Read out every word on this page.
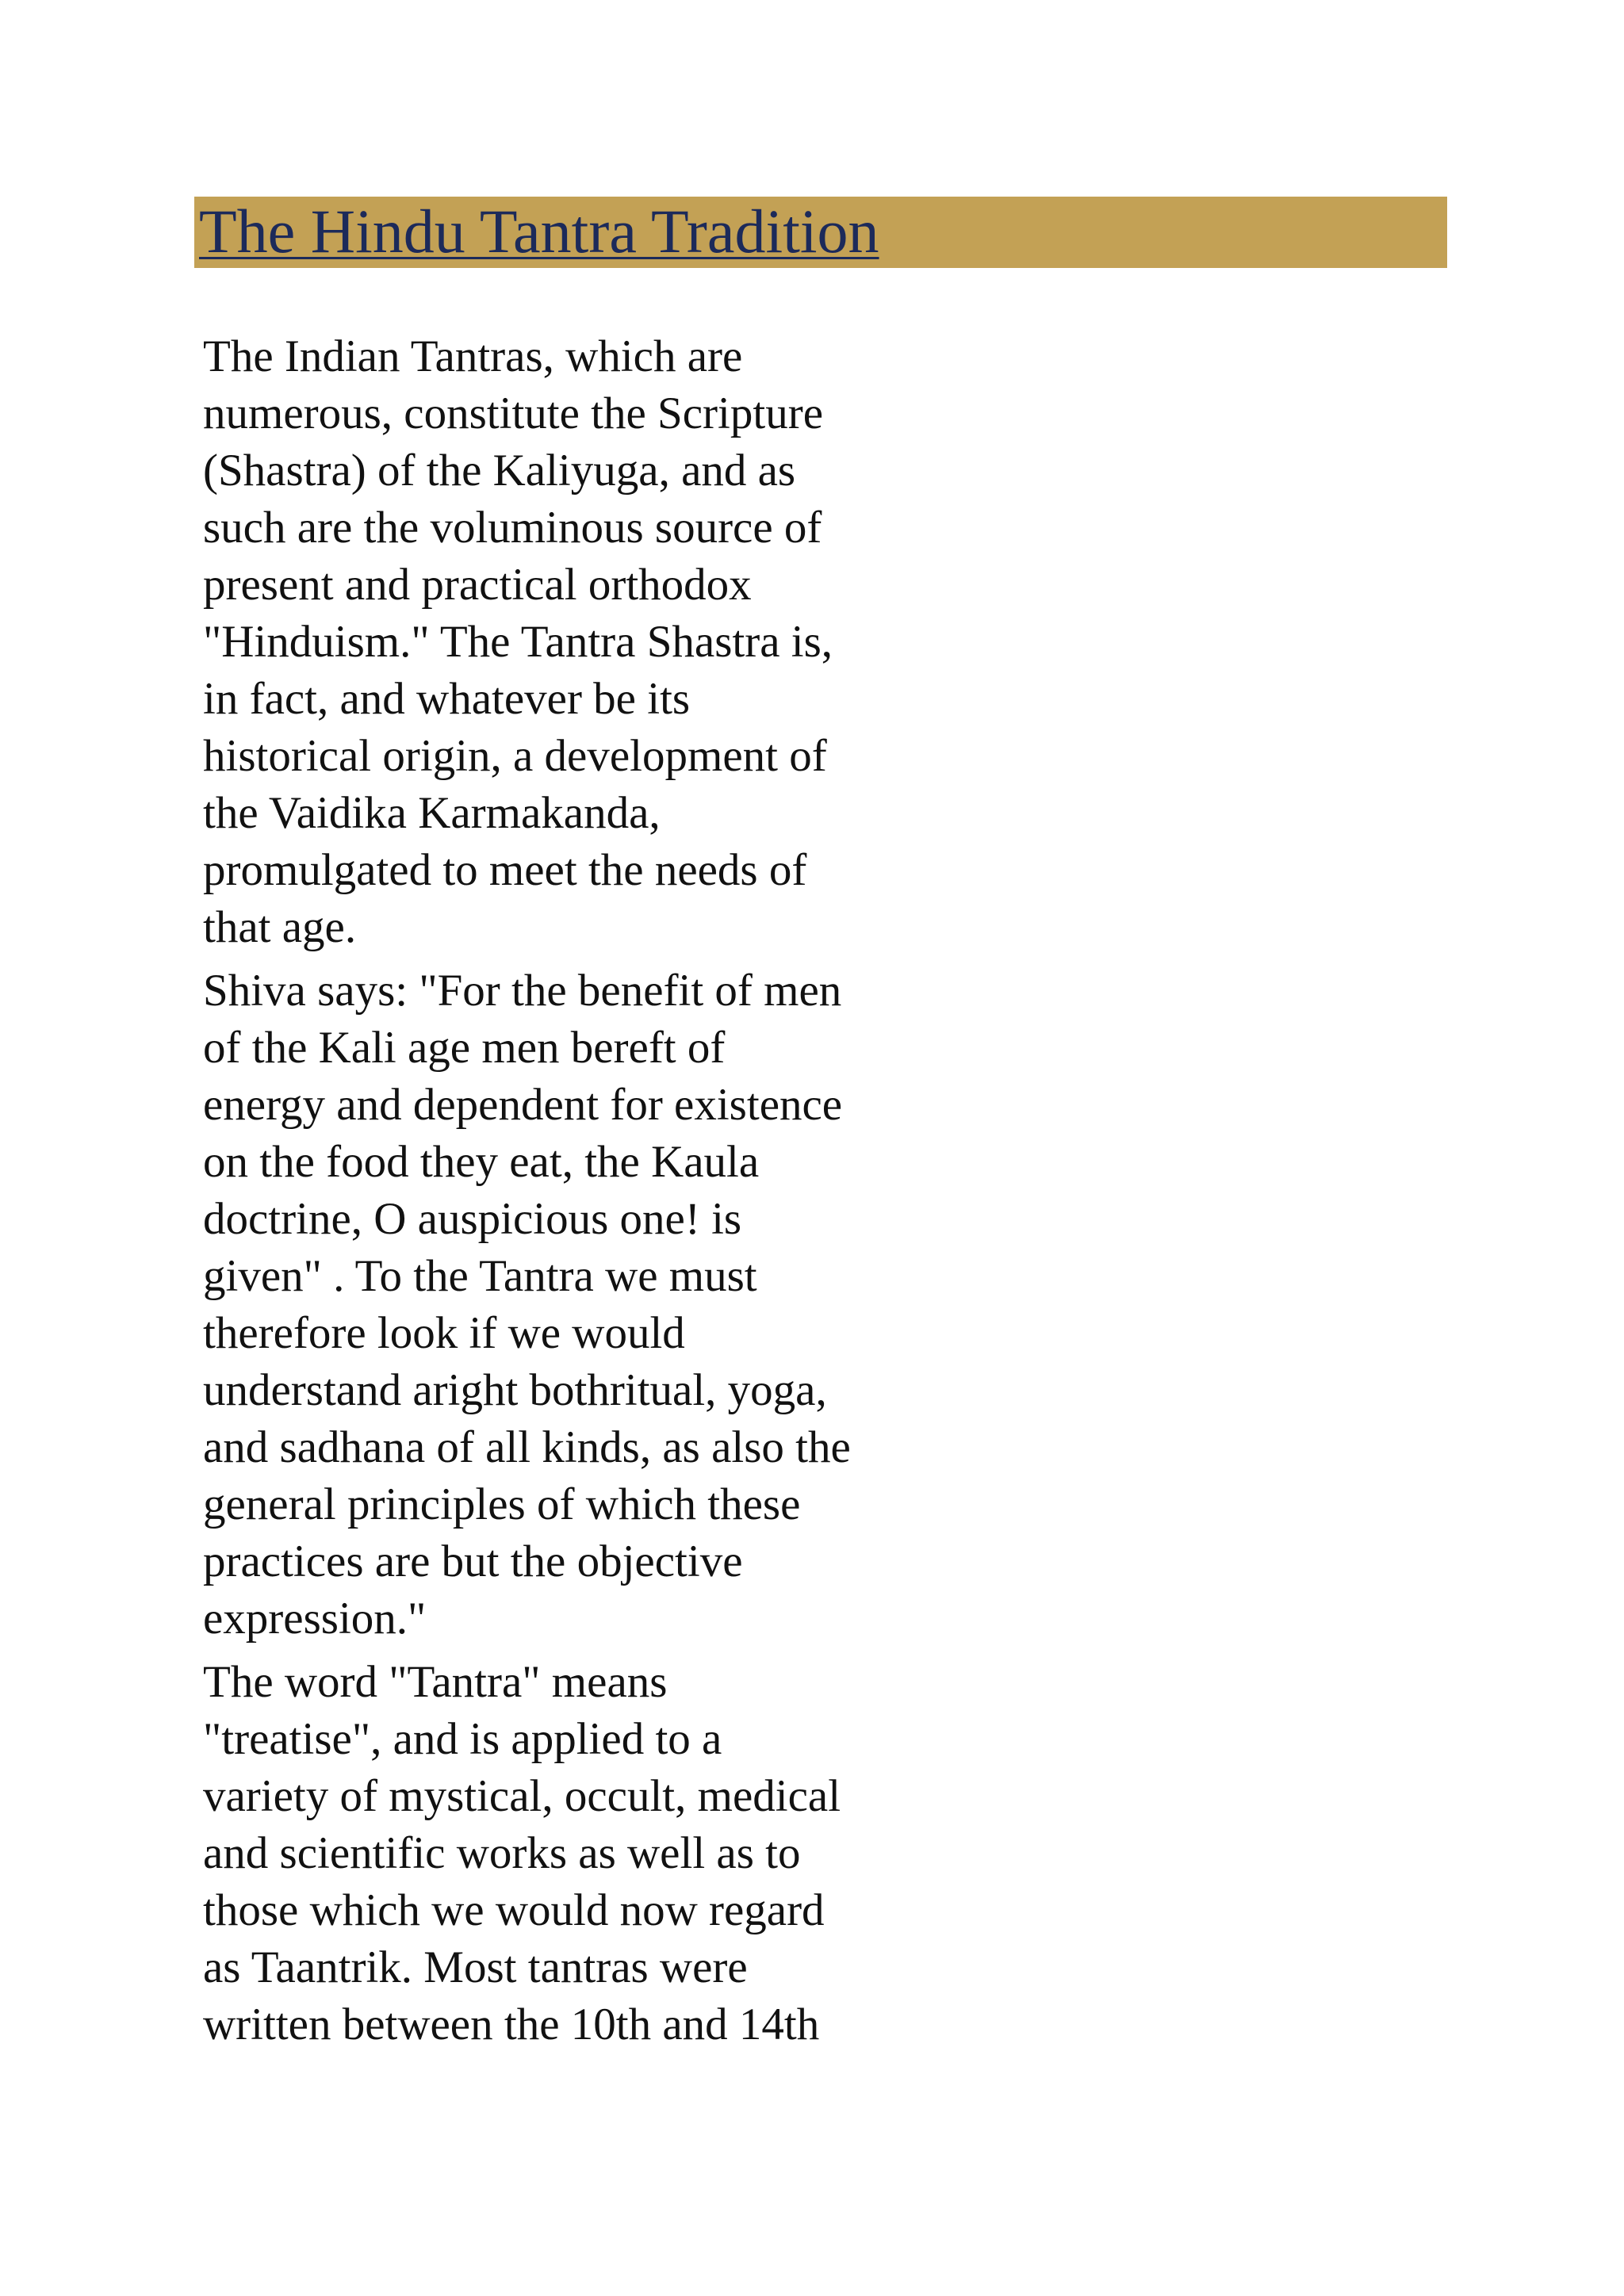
The Hindu Tantra Tradition
The Indian Tantras, which are
numerous, constitute the Scripture
(Shastra) of the Kaliyuga, and as
such are the voluminous source of
present and practical orthodox
"Hinduism." The Tantra Shastra is,
in fact, and whatever be its
historical origin, a development of
the Vaidika Karmakanda,
promulgated to meet the needs of
that age.
Shiva says: "For the benefit of men
of the Kali age men bereft of
energy and dependent for existence
on the food they eat, the Kaula
doctrine, O auspicious one! is
given" . To the Tantra we must
therefore look if we would
understand aright bothritual, yoga,
and sadhana of all kinds, as also the
general principles of which these
practices are but the objective
expression."
The word "Tantra" means
"treatise", and is applied to a
variety of mystical, occult, medical
and scientific works as well as to
those which we would now regard
as Taantrik. Most tantras were
written between the 10th and 14th
